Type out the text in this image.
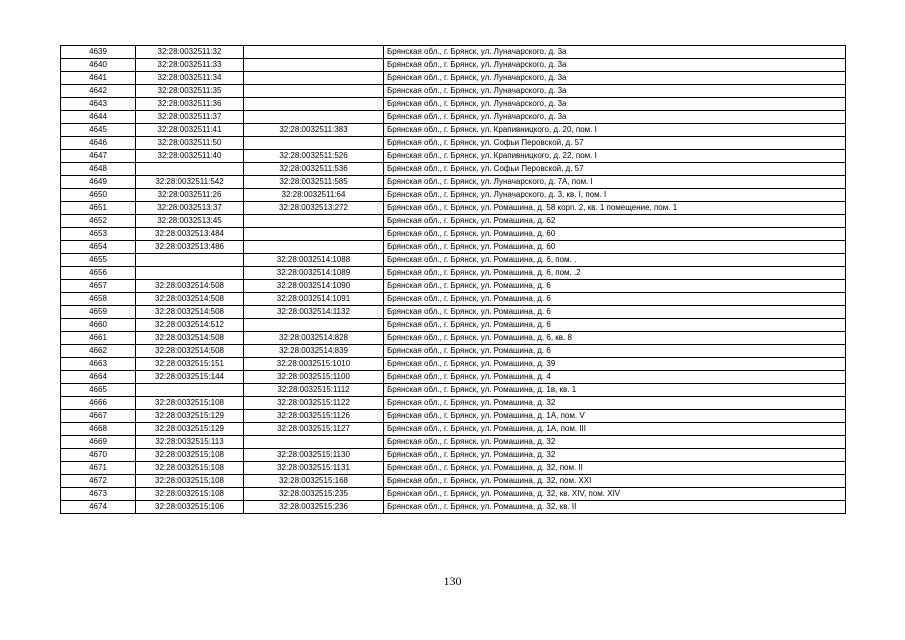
4639	32:28:0032511:32		Брянская обл., г. Брянск, ул. Луначарского, д. 3а
4640	32:28:0032511:33		Брянская обл., г. Брянск, ул. Луначарского, д. 3а
4641	32:28:0032511:34		Брянская обл., г. Брянск, ул. Луначарского, д. 3а
4642	32:28:0032511:35		Брянская обл., г. Брянск, ул. Луначарского, д. 3а
4643	32:28:0032511:36		Брянская обл., г. Брянск, ул. Луначарского, д. 3а
4644	32:28:0032511:37		Брянская обл., г. Брянск, ул. Луначарского, д. 3а
4645	32:28:0032511:41	32:28:0032511:383	Брянская обл., г. Брянск, ул. Крапивницкого, д. 20, пом. I
4646	32:28:0032511:50		Брянская обл., г. Брянск, ул. Софьи Перовской, д. 57
4647	32:28:0032511:40	32:28:0032511:526	Брянская обл., г. Брянск, ул. Крапивницкого, д. 22, пом. I
4648		32:28:0032511:536	Брянская обл., г. Брянск, ул. Софьи Перовской, д. 57
4649	32:28:0032511:542	32:28:0032511:585	Брянская обл., г. Брянск, ул. Луначарского, д. 7А, пом. I
4650	32:28:0032511:26	32:28:0032511:64	Брянская обл., г. Брянск, ул. Луначарского, д. 3, кв. I, пом. I
4651	32:28:0032513:37	32:28:0032513:272	Брянская обл., г. Брянск, ул. Ромашина, д. 58 корп. 2, кв. 1 помещение, пом. 1
4652	32:28:0032513:45		Брянская обл., г. Брянск, ул. Ромашина, д. 62
4653	32:28:0032513:484		Брянская обл., г. Брянск, ул. Ромашина, д. 60
4654	32:28:0032513:486		Брянская обл., г. Брянск, ул. Ромашина, д. 60
4655		32:28:0032514:1088	Брянская обл., г. Брянск, ул. Ромашина, д. 6, пом. .
4656		32:28:0032514:1089	Брянская обл., г. Брянск, ул. Ромашина, д. 6, пом. .2
4657	32:28:0032514:508	32:28:0032514:1090	Брянская обл., г. Брянск, ул. Ромашина, д. 6
4658	32:28:0032514:508	32:28:0032514:1091	Брянская обл., г. Брянск, ул. Ромашина, д. 6
4659	32:28:0032514:508	32:28:0032514:1132	Брянская обл., г. Брянск, ул. Ромашина, д. 6
4660	32:28:0032514:512		Брянская обл., г. Брянск, ул. Ромашина, д. 6
4661	32:28:0032514:508	32:28:0032514:828	Брянская обл., г. Брянск, ул. Ромашина, д. 6, кв. 8
4662	32:28:0032514:508	32:28:0032514:839	Брянская обл., г. Брянск, ул. Ромашина, д. 6
4663	32:28:0032515:151	32:28:0032515:1010	Брянская обл., г. Брянск, ул. Ромашина, д. 39
4664	32:28:0032515:144	32:28:0032515:1100	Брянская обл., г. Брянск, ул. Ромашина, д. 4
4665		32:28:0032515:1112	Брянская обл., г. Брянск, ул. Ромашина, д. 1в, кв. 1
4666	32:28:0032515:108	32:28:0032515:1122	Брянская обл., г. Брянск, ул. Ромашина, д. 32
4667	32:28:0032515:129	32:28:0032515:1126	Брянская обл., г. Брянск, ул. Ромашина, д. 1А, пом. V
4668	32:28:0032515:129	32:28:0032515:1127	Брянская обл., г. Брянск, ул. Ромашина, д. 1А, пом. III
4669	32:28:0032515:113		Брянская обл., г. Брянск, ул. Ромашина, д. 32
4670	32:28:0032515:108	32:28:0032515:1130	Брянская обл., г. Брянск, ул. Ромашина, д. 32
4671	32:28:0032515:108	32:28:0032515:1131	Брянская обл., г. Брянск, ул. Ромашина, д. 32, пом. II
4672	32:28:0032515:108	32:28:0032515:168	Брянская обл., г. Брянск, ул. Ромашина, д. 32, пом. XXI
4673	32:28:0032515:108	32:28:0032515:235	Брянская обл., г. Брянск, ул. Ромашина, д. 32, кв. XIV, пом. XIV
4674	32:28:0032515:106	32:28:0032515:236	Брянская обл., г. Брянск, ул. Ромашина, д. 32, кв. II
130
